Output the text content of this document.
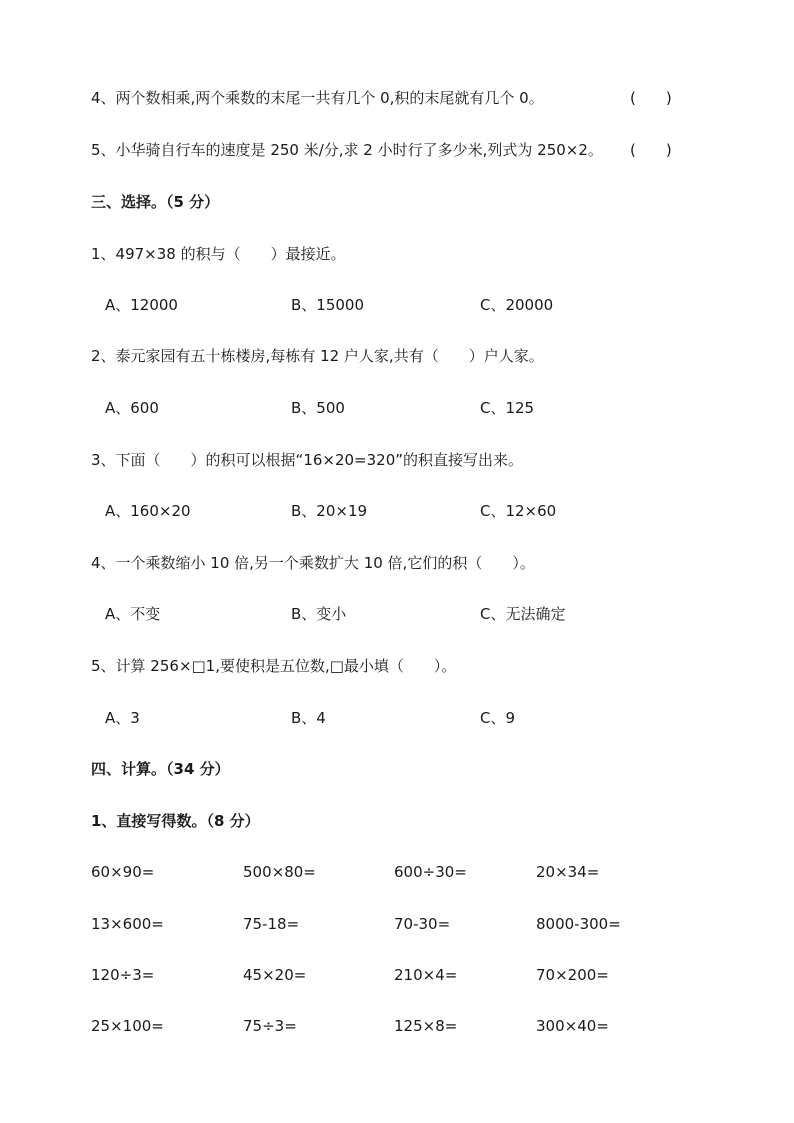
4、两个数相乘,两个乘数的末尾一共有几个 0,积的末尾就有几个 0。	(　　)
5、小华骑自行车的速度是 250 米/分,求 2 小时行了多少米,列式为 250×2。 (　　)
三、选择。（5 分）
1、497×38 的积与（　　）最接近。
A、12000	B、15000	C、20000
2、泰元家园有五十栋楼房,每栋有 12 户人家,共有（　　）户人家。
A、600	B、500	C、125
3、下面（　　）的积可以根据“16×20=320”的积直接写出来。
A、160×20	B、20×19	C、12×60
4、一个乘数缩小 10 倍,另一个乘数扩大 10 倍,它们的积（　　）。
A、不变	B、变小	C、无法确定
5、计算 256×□1,要使积是五位数,□最小填（　　）。
A、3	B、4	C、9
四、计算。（34 分）
1、直接写得数。（8 分）
60×90=	500×80=	600÷30=	20×34=
13×600=	75-18=	70-30=	8000-300=
120÷3=	45×20=	210×4=	70×200=
25×100=	75÷3=	125×8=	300×40=
